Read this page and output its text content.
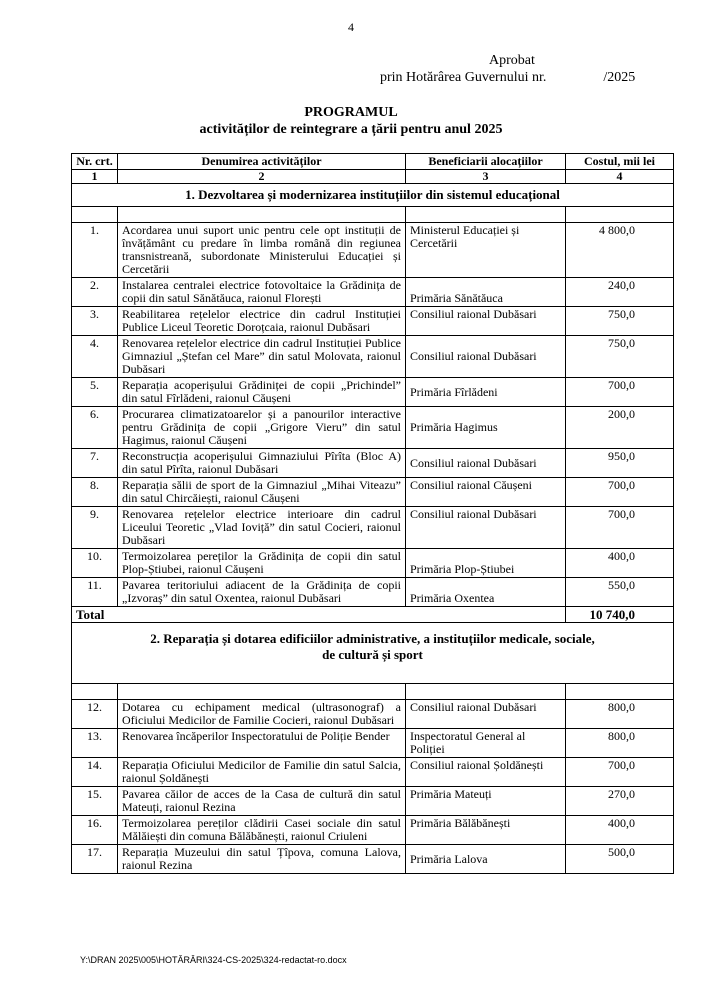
4
Aprobat
prin Hotărârea Guvernului nr.	/2025
PROGRAMUL
activităților de reintegrare a țării pentru anul 2025
Nr. crt.	Denumirea activităților	Beneficiarii alocațiilor	Costul, mii lei
1	2	3	4
1. Dezvoltarea și modernizarea instituțiilor din sistemul educațional			

1.	Acordarea unui suport unic pentru cele opt instituții de învățământ cu predare în limba română din regiunea transnistreană, subordonate Ministerului Educației și Cercetării	Ministerul Educației și Cercetării	4 800,0
2.	Instalarea centralei electrice fotovoltaice la Grădinița de copii din satul Sănătăuca, raionul Florești	Primăria Sănătăuca	240,0
3.	Reabilitarea rețelelor electrice din cadrul Instituției Publice Liceul Teoretic Doroțcaia, raionul Dubăsari	Consiliul raional Dubăsari	750,0
4.	Renovarea rețelelor electrice din cadrul Instituției Publice Gimnaziul „Ștefan cel Mare” din satul Molovata, raionul Dubăsari	Consiliul raional Dubăsari	750,0
5.	Reparația acoperișului Grădiniței de copii „Prichindel” din satul Fîrlădeni, raionul Căușeni	Primăria Fîrlădeni	700,0
6.	Procurarea climatizatoarelor și a panourilor interactive pentru Grădinița de copii „Grigore Vieru” din satul Hagimus, raionul Căușeni	Primăria Hagimus	200,0
7.	Reconstrucția acoperișului Gimnaziului Pîrîta (Bloc A) din satul Pîrîta, raionul Dubăsari	Consiliul raional Dubăsari	950,0
8.	Reparația sălii de sport de la Gimnaziul „Mihai Viteazu” din satul Chircăiești, raionul Căușeni	Consiliul raional Căușeni	700,0
9.	Renovarea rețelelor electrice interioare din cadrul Liceului Teoretic „Vlad Ioviță” din satul Cocieri, raionul Dubăsari	Consiliul raional Dubăsari	700,0
10.	Termoizolarea pereților la Grădinița de copii din satul Plop-Știubei, raionul Căușeni	Primăria Plop-Știubei	400,0
11.	Pavarea teritoriului adiacent de la Grădinița de copii „Izvoraș” din satul Oxentea, raionul Dubăsari	Primăria Oxentea	550,0
Total			10 740,0

2. Reparația și dotarea edificiilor administrative, a instituțiilor medicale, sociale,
de cultură și sport			

12.	Dotarea cu echipament medical (ultrasonograf) a Oficiului Medicilor de Familie Cocieri, raionul Dubăsari	Consiliul raional Dubăsari	800,0
13.	Renovarea încăperilor Inspectoratului de Poliție Bender	Inspectoratul General al Poliției	800,0
14.	Reparația Oficiului Medicilor de Familie din satul Salcia, raionul Șoldănești	Consiliul raional Șoldănești	700,0
15.	Pavarea căilor de acces de la Casa de cultură din satul Mateuți, raionul Rezina	Primăria Mateuți	270,0
16.	Termoizolarea pereților clădirii Casei sociale din satul Mălăiești din comuna Bălăbănești, raionul Criuleni	Primăria Bălăbănești	400,0
17.	Reparația Muzeului din satul Țîpova, comuna Lalova, raionul Rezina	Primăria Lalova	500,0
Y:\DRAN 2025\005\HOTĂRÂRI\324-CS-2025\324-redactat-ro.docx
